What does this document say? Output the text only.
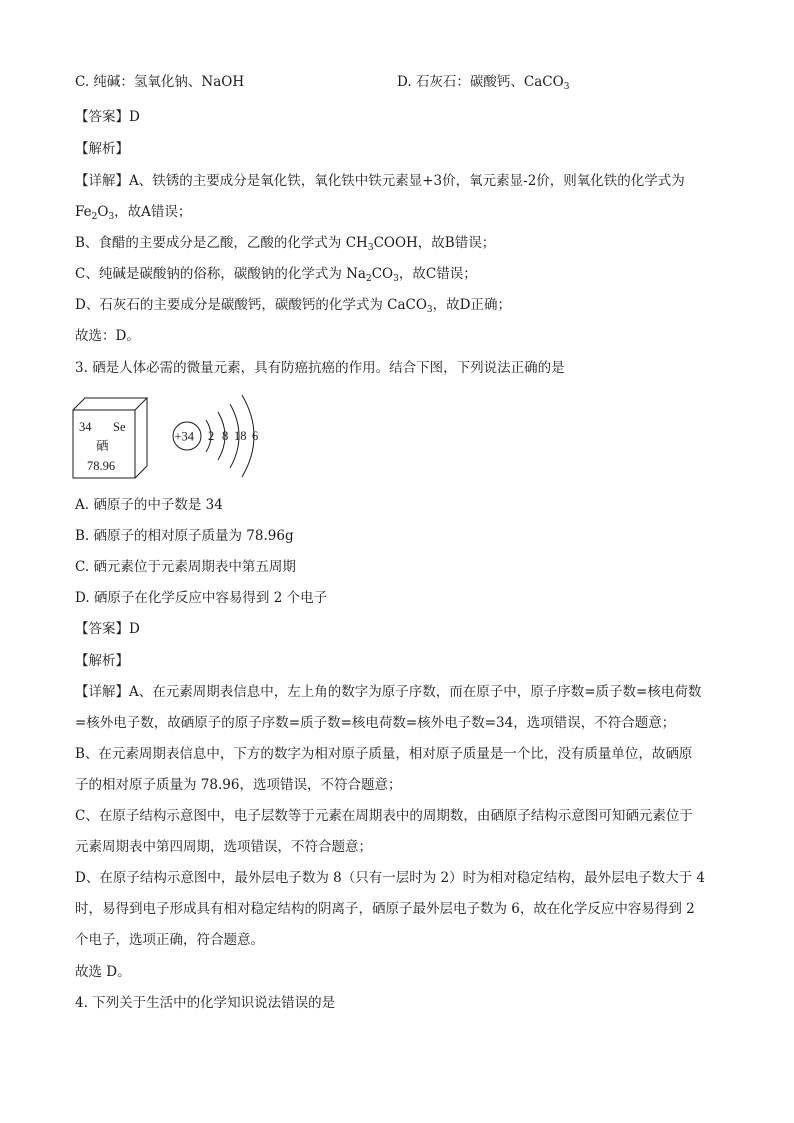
C. 纯碱：氢氧化钠、NaOH	D. 石灰石：碳酸钙、CaCO$_3$
【答案】D
【解析】
【详解】A、铁锈的主要成分是氧化铁，氧化铁中铁元素显+3价，氧元素显-2价，则氧化铁的化学式为
$Fe_2O_3$，故A错误；
B、食醋的主要成分是乙酸，乙酸的化学式为 $CH_3COOH$，故B错误；
C、纯碱是碳酸钠的俗称，碳酸钠的化学式为 $Na_2CO_3$，故C错误；
D、石灰石的主要成分是碳酸钙，碳酸钙的化学式为 CaCO$_3$，故D正确；
故选：D。
3. 硒是人体必需的微量元素，具有防癌抗癌的作用。结合下图，下列说法正确的是
34 Se
硒
78.96
+34 2 8 18 6
A. 硒原子的中子数是 34
B. 硒原子的相对原子质量为 78.96g
C. 硒元素位于元素周期表中第五周期
D. 硒原子在化学反应中容易得到 2 个电子
【答案】D
【解析】
【详解】A、在元素周期表信息中，左上角的数字为原子序数，而在原子中，原子序数=质子数=核电荷数
=核外电子数，故硒原子的原子序数=质子数=核电荷数=核外电子数=34，选项错误，不符合题意；
B、在元素周期表信息中，下方的数字为相对原子质量，相对原子质量是一个比，没有质量单位，故硒原
子的相对原子质量为 78.96，选项错误，不符合题意；
C、在原子结构示意图中，电子层数等于元素在周期表中的周期数，由硒原子结构示意图可知硒元素位于
元素周期表中第四周期，选项错误，不符合题意；
D、在原子结构示意图中，最外层电子数为 8（只有一层时为 2）时为相对稳定结构，最外层电子数大于 4
时，易得到电子形成具有相对稳定结构的阴离子，硒原子最外层电子数为 6，故在化学反应中容易得到 2
个电子，选项正确，符合题意。
故选 D。
4. 下列关于生活中的化学知识说法错误的是
